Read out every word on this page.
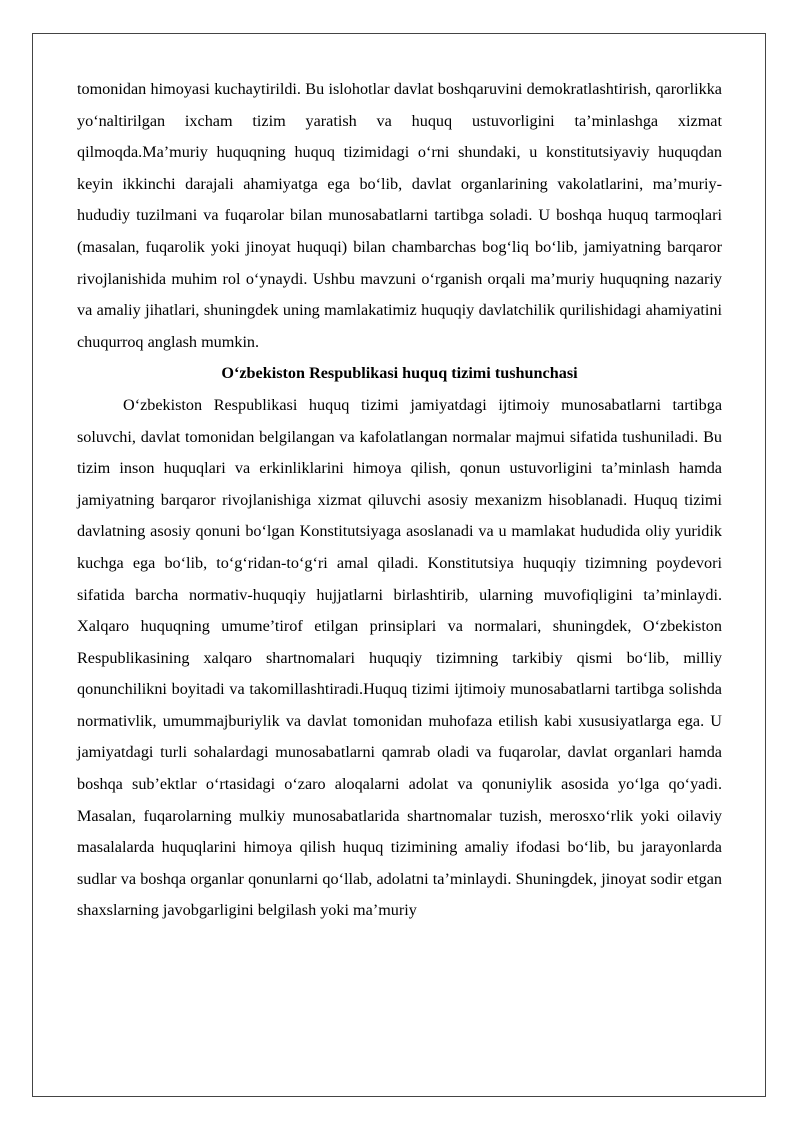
tomonidan himoyasi kuchaytirildi. Bu islohotlar davlat boshqaruvini demokratlashtirish, qarorlikka yo‘naltirilgan ixcham tizim yaratish va huquq ustuvorligini ta’minlashga xizmat qilmoqda.Ma’muriy huquqning huquq tizimidagi o‘rni shundaki, u konstitutsiyaviy huquqdan keyin ikkinchi darajali ahamiyatga ega bo‘lib, davlat organlarining vakolatlarini, ma’muriy-hududiy tuzilmani va fuqarolar bilan munosabatlarni tartibga soladi. U boshqa huquq tarmoqlari (masalan, fuqarolik yoki jinoyat huquqi) bilan chambarchas bog‘liq bo‘lib, jamiyatning barqaror rivojlanishida muhim rol o‘ynaydi. Ushbu mavzuni o‘rganish orqali ma’muriy huquqning nazariy va amaliy jihatlari, shuningdek uning mamlakatimiz huquqiy davlatchilik qurilishidagi ahamiyatini chuqurroq anglash mumkin.

O‘zbekiston Respublikasi huquq tizimi tushunchasi

O‘zbekiston Respublikasi huquq tizimi jamiyatdagi ijtimoiy munosabatlarni tartibga soluvchi, davlat tomonidan belgilangan va kafolatlangan normalar majmui sifatida tushuniladi. Bu tizim inson huquqlari va erkinliklarini himoya qilish, qonun ustuvorligini ta’minlash hamda jamiyatning barqaror rivojlanishiga xizmat qiluvchi asosiy mexanizm hisoblanadi. Huquq tizimi davlatning asosiy qonuni bo‘lgan Konstitutsiyaga asoslanadi va u mamlakat hududida oliy yuridik kuchga ega bo‘lib, to‘g‘ridan-to‘g‘ri amal qiladi. Konstitutsiya huquqiy tizimning poydevori sifatida barcha normativ-huquqiy hujjatlarni birlashtirib, ularning muvofiqligini ta’minlaydi. Xalqaro huquqning umume’tirof etilgan prinsiplari va normalari, shuningdek, O‘zbekiston Respublikasining xalqaro shartnomalari huquqiy tizimning tarkibiy qismi bo‘lib, milliy qonunchilikni boyitadi va takomillashtiradi.Huquq tizimi ijtimoiy munosabatlarni tartibga solishda normativlik, umummajburiylik va davlat tomonidan muhofaza etilish kabi xususiyatlarga ega. U jamiyatdagi turli sohalardagi munosabatlarni qamrab oladi va fuqarolar, davlat organlari hamda boshqa sub’ektlar o‘rtasidagi o‘zaro aloqalarni adolat va qonuniylik asosida yo‘lga qo‘yadi. Masalan, fuqarolarning mulkiy munosabatlarida shartnomalar tuzish, merosxo‘rlik yoki oilaviy masalalarda huquqlarini himoya qilish huquq tizimining amaliy ifodasi bo‘lib, bu jarayonlarda sudlar va boshqa organlar qonunlarni qo‘llab, adolatni ta’minlaydi. Shuningdek, jinoyat sodir etgan shaxslarning javobgarligini belgilash yoki ma’muriy
